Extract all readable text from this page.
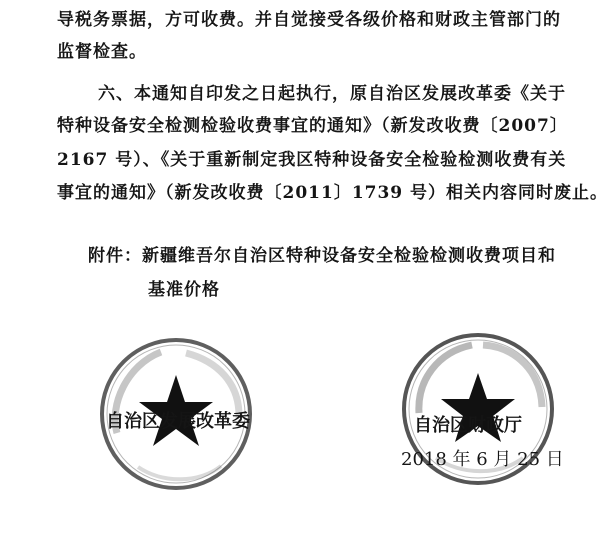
导税务票据，方可收费。并自觉接受各级价格和财政主管部门的
监督检查。
六、本通知自印发之日起执行，原自治区发展改革委《关于
特种设备安全检测检验收费事宜的通知》（新发改收费〔2007〕
2167 号）、《关于重新制定我区特种设备安全检验检测收费有关
事宜的通知》（新发改收费〔2011〕1739 号）相关内容同时废止。
附件：新疆维吾尔自治区特种设备安全检验检测收费项目和
基准价格
自治区发展改革委	自治区财政厅
2018 年 6 月 25 日
